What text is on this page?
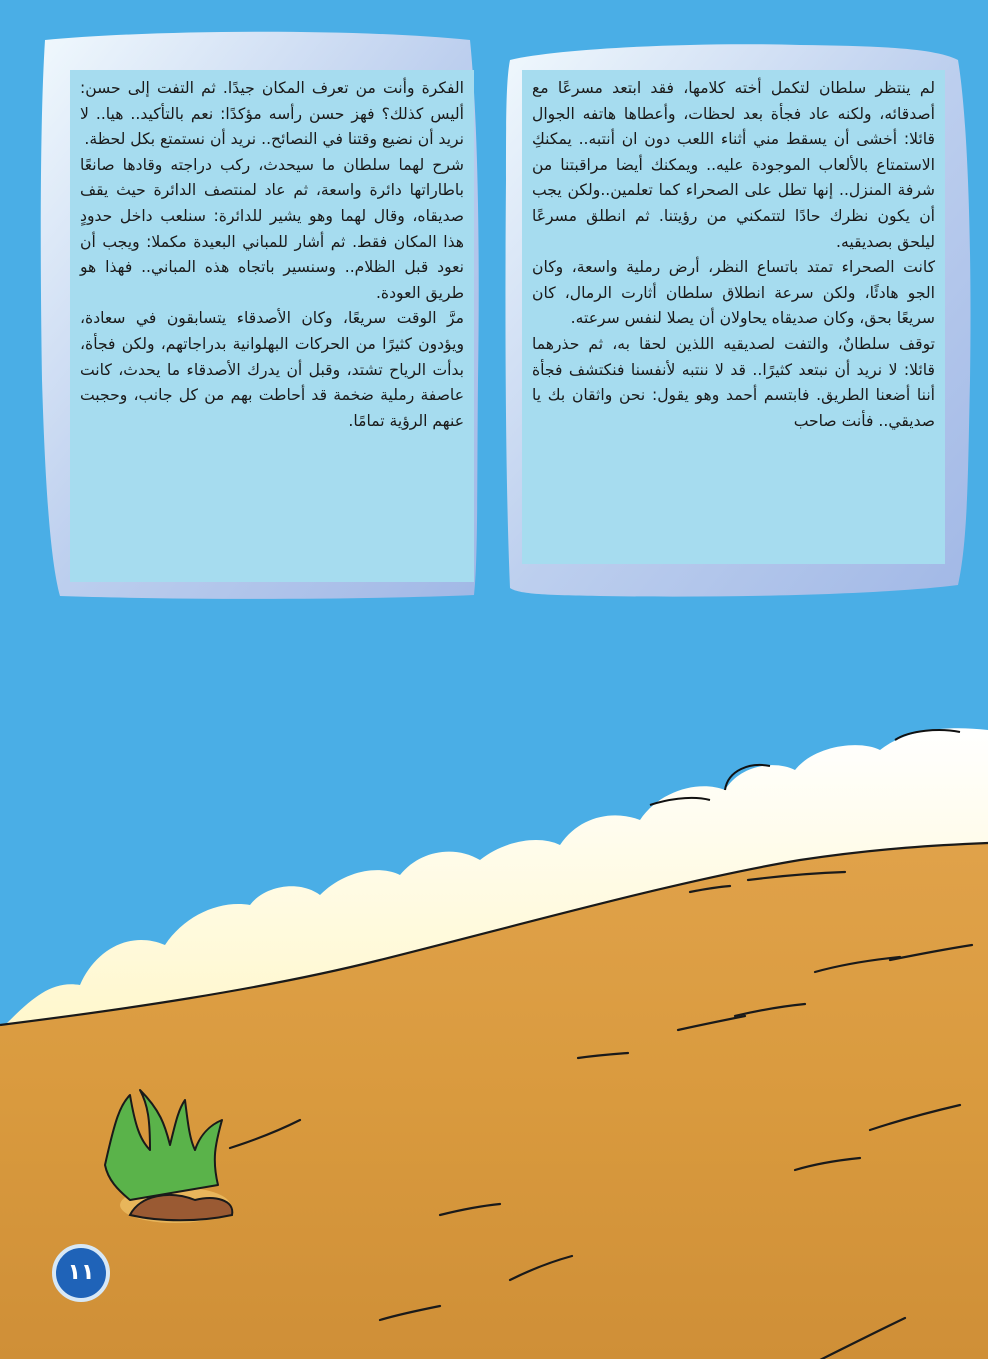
لم ينتظر سلطان لتكمل أخته كلامها، فقد ابتعد مسرعًا مع أصدقائه، ولكنه عاد فجأة بعد لحظات، وأعطاها هاتفه الجوال قائلا: أخشى أن يسقط مني أثناء اللعب دون ان أنتبه.. يمكنكِ الاستمتاع بالألعاب الموجودة عليه.. ويمكنك أيضا مراقبتنا من شرفة المنزل.. إنها تطل على الصحراء كما تعلمين..ولكن يجب أن يكون نظرك حادًا لتتمكني من رؤيتنا. ثم انطلق مسرعًا ليلحق بصديقيه.

كانت الصحراء تمتد باتساع النظر، أرض رملية واسعة، وكان الجو هادئًا، ولكن سرعة انطلاق سلطان أثارت الرمال، كان سريعًا بحق، وكان صديقاه يحاولان أن يصلا لنفس سرعته.

توقف سلطانٌ، والتفت لصديقيه اللذين لحقا به، ثم حذرهما قائلا: لا نريد أن نبتعد كثيرًا.. قد لا ننتبه لأنفسنا فنكتشف فجأة أننا أضعنا الطريق. فابتسم أحمد وهو يقول: نحن واثقان بك يا صديقي.. فأنت صاحب

الفكرة وأنت من تعرف المكان جيدًا. ثم التفت إلى حسن: أليس كذلك؟ فهز حسن رأسه مؤكدًا: نعم بالتأكيد.. هيا.. لا نريد أن نضيع وقتنا في النصائح.. نريد أن نستمتع بكل لحظة.

شرح لهما سلطان ما سيحدث، ركب دراجته وقادها صانعًا باطاراتها دائرة واسعة، ثم عاد لمنتصف الدائرة حيث يقف صديقاه، وقال لهما وهو يشير للدائرة: سنلعب داخل حدودٍ هذا المكان فقط. ثم أشار للمباني البعيدة مكملا: ويجب أن نعود قبل الظلام.. وسنسير باتجاه هذه المباني.. فهذا هو طريق العودة.

مرَّ الوقت سريعًا، وكان الأصدقاء يتسابقون في سعادة، ويؤدون كثيرًا من الحركات البهلوانية بدراجاتهم، ولكن فجأة، بدأت الرياح تشتد، وقبل أن يدرك الأصدقاء ما يحدث، كانت عاصفة رملية ضخمة قد أحاطت بهم من كل جانب، وحجبت عنهم الرؤية تمامًا.

١١
